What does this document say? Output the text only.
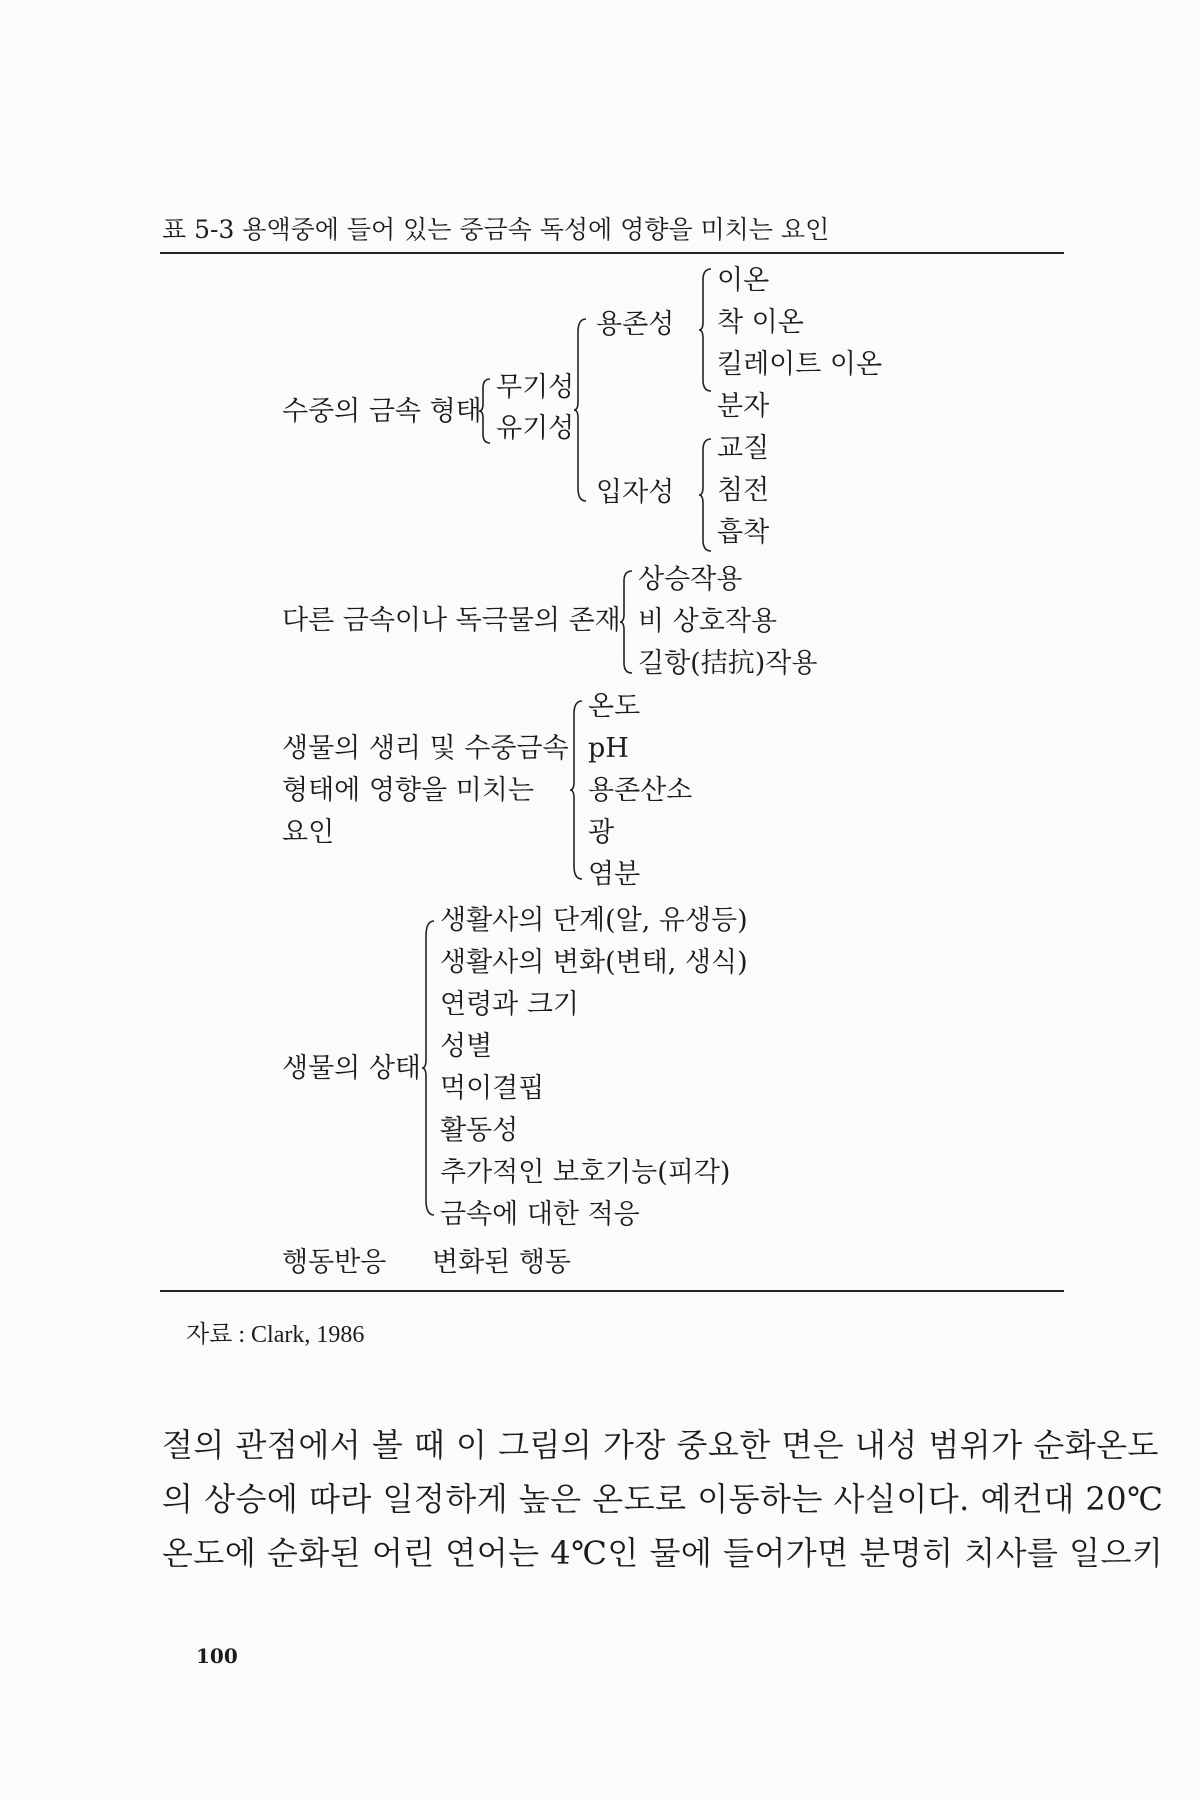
표 5-3 용액중에 들어 있는 중금속 독성에 영향을 미치는 요인
수중의 금속 형태
무기성
유기성
용존성
입자성
이온
착 이온
킬레이트 이온
분자
교질
침전
흡착
다른 금속이나 독극물의 존재
상승작용
비 상호작용
길항(拮抗)작용
생물의 생리 및 수중금속
형태에 영향을 미치는
요인
온도
pH
용존산소
광
염분
생물의 상태
생활사의 단계(알, 유생등)
생활사의 변화(변태, 생식)
연령과 크기
성별
먹이결핍
활동성
추가적인 보호기능(피각)
금속에 대한 적응
행동반응 변화된 행동
자료 : Clark, 1986
절의 관점에서 볼 때 이 그림의 가장 중요한 면은 내성 범위가 순화온도
의 상승에 따라 일정하게 높은 온도로 이동하는 사실이다. 예컨대 20℃
온도에 순화된 어린 연어는 4℃인 물에 들어가면 분명히 치사를 일으키
100
